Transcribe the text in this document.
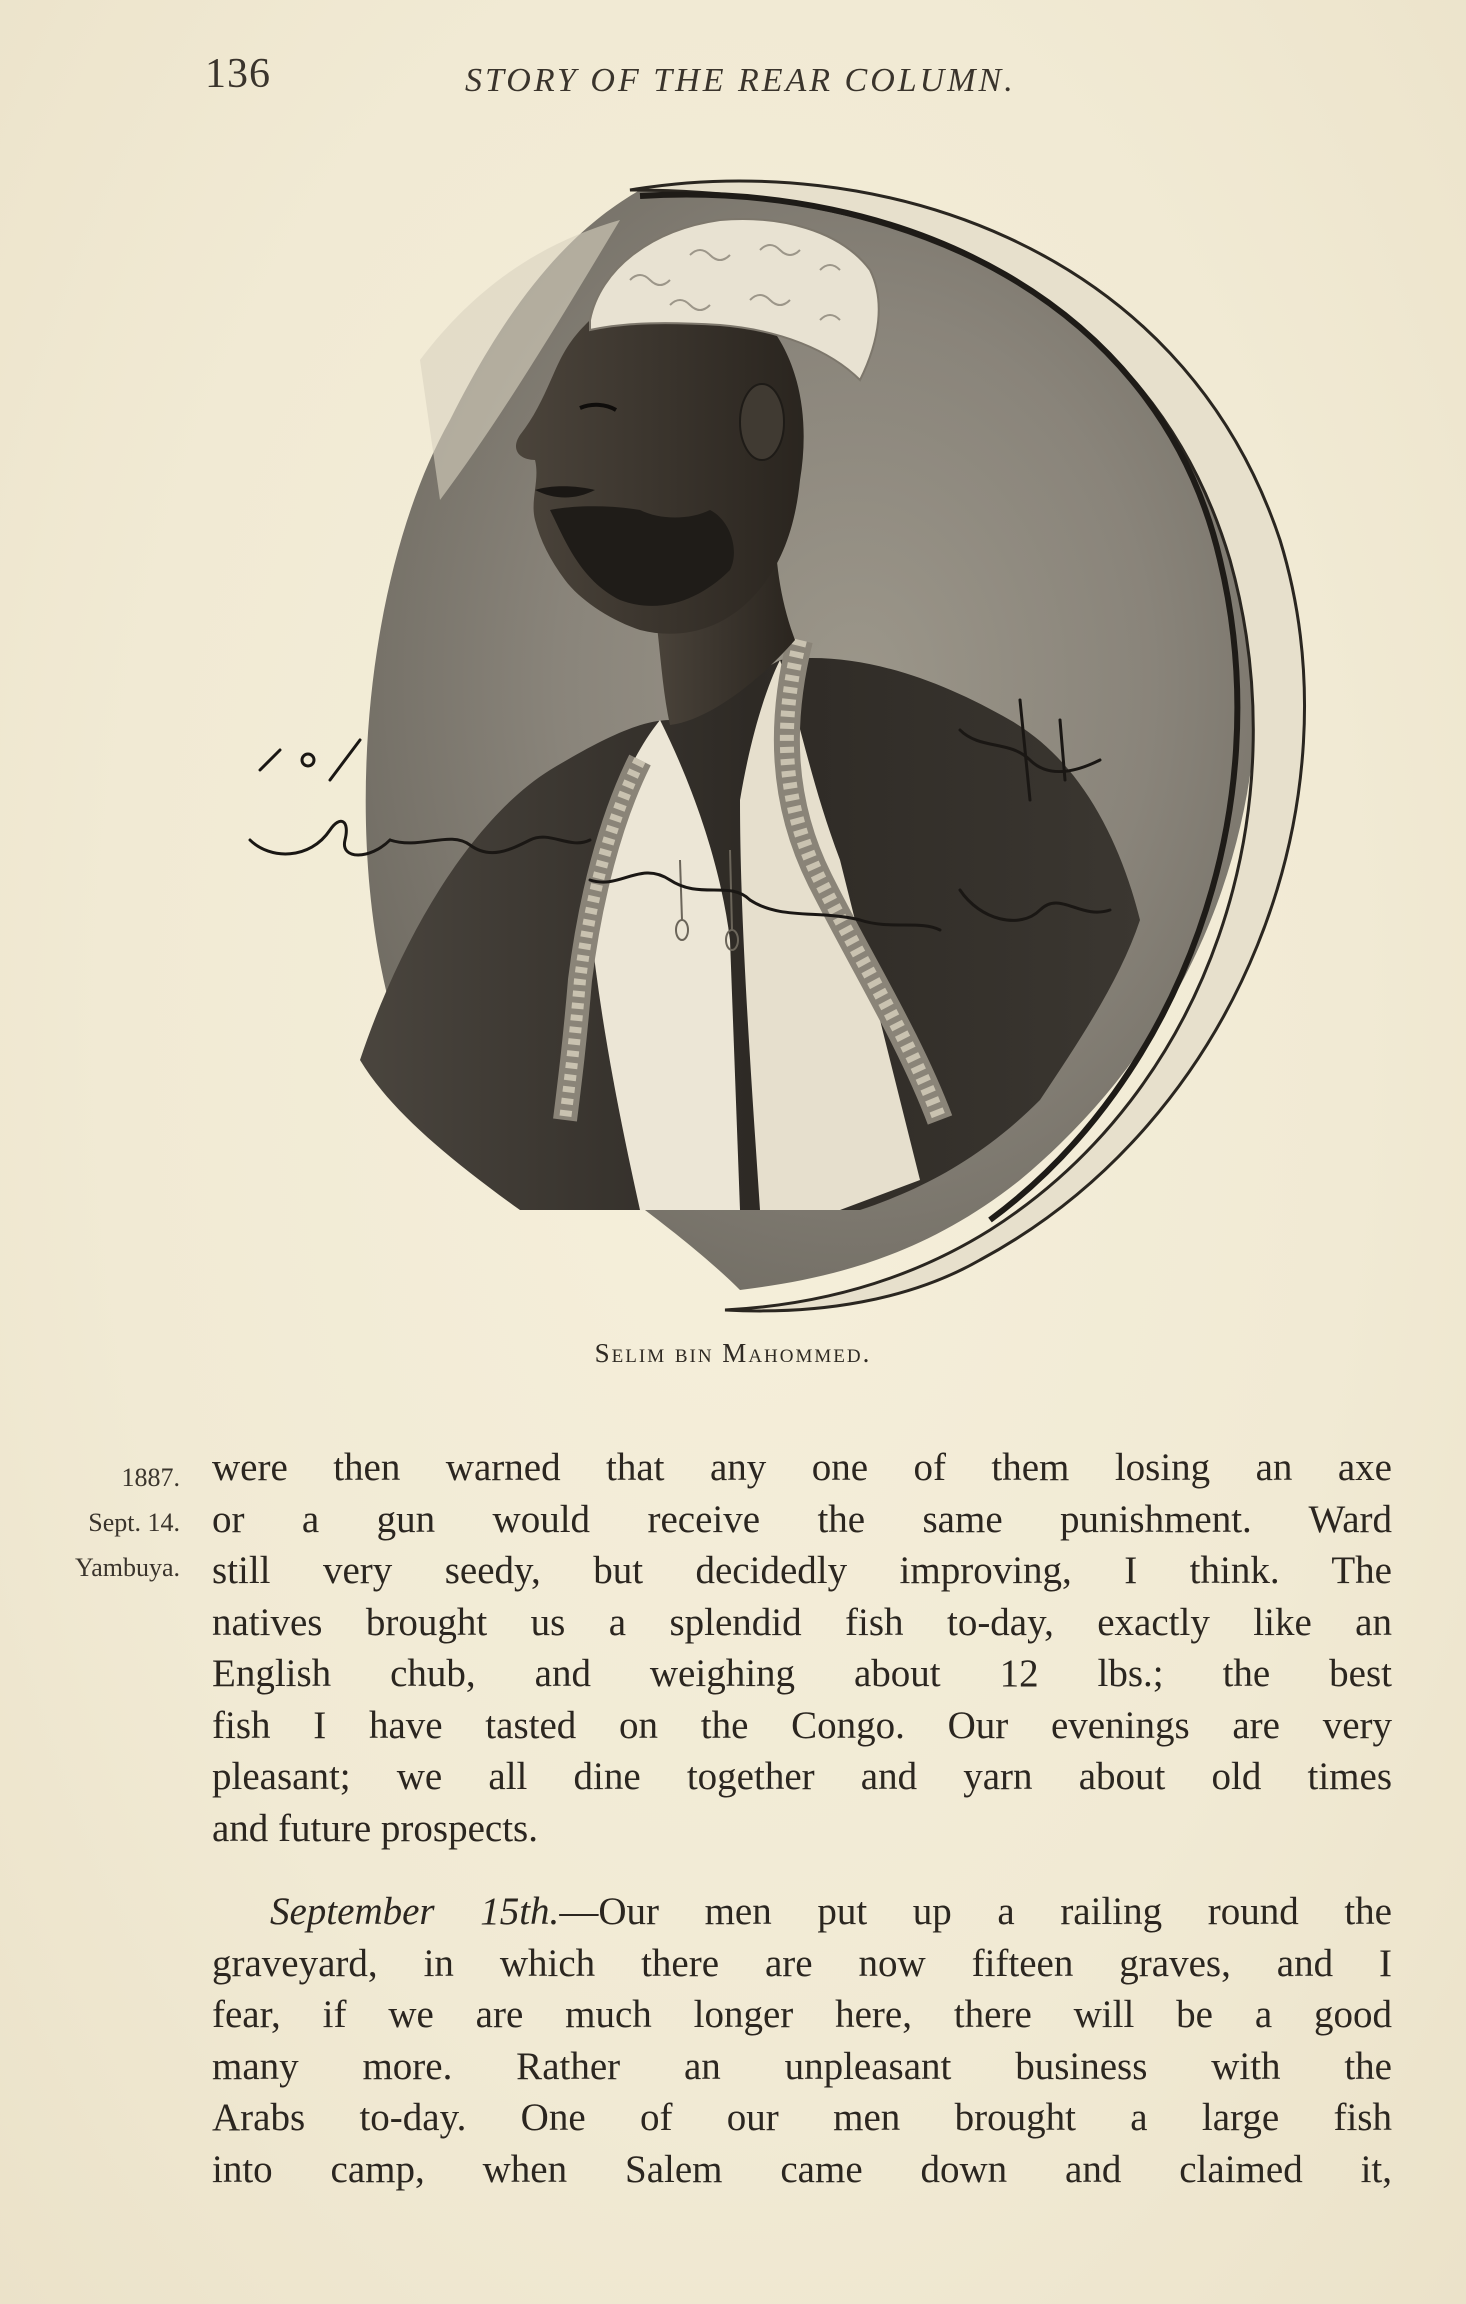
136	STORY OF THE REAR COLUMN.
Selim bin Mahommed.
1887.
Sept. 14.
Yambuya.
were then warned that any one of them losing an axe
or a gun would receive the same punishment. Ward
still very seedy, but decidedly improving, I think. The
natives brought us a splendid fish to-day, exactly like an
English chub, and weighing about 12 lbs.; the best
fish I have tasted on the Congo. Our evenings are very
pleasant; we all dine together and yarn about old times
and future prospects.
September 15th.—Our men put up a railing round the
graveyard, in which there are now fifteen graves, and I
fear, if we are much longer here, there will be a good
many more. Rather an unpleasant business with the
Arabs to-day. One of our men brought a large fish
into camp, when Salem came down and claimed it,
